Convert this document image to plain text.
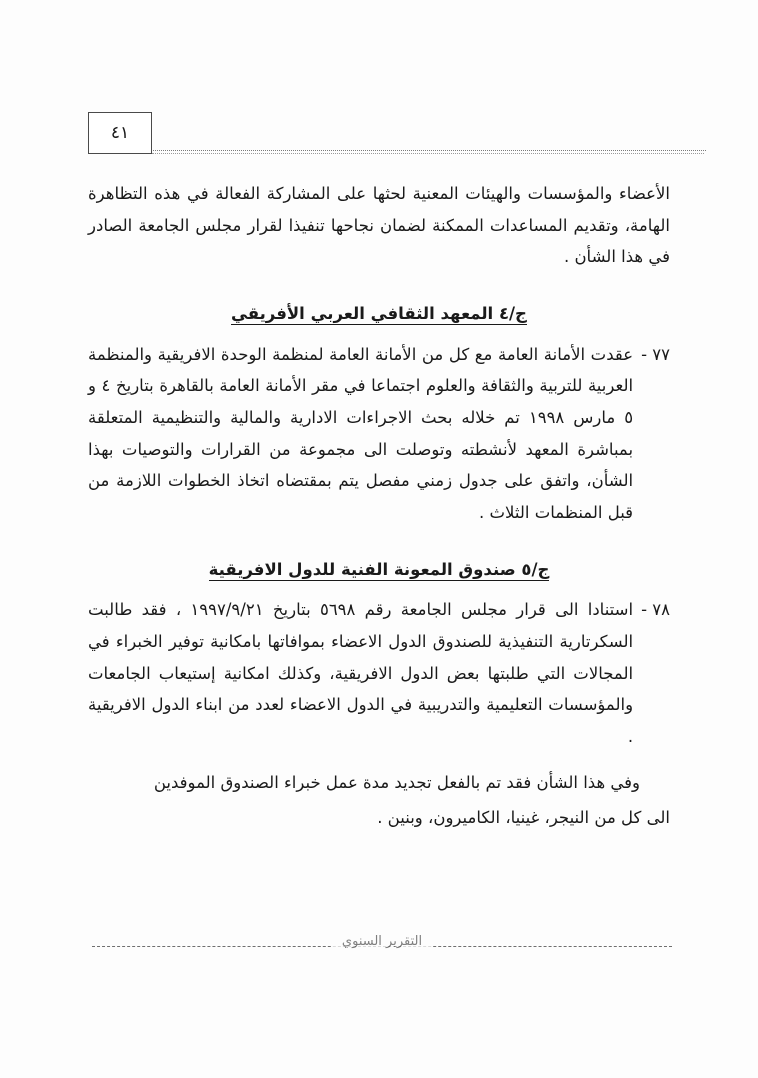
٤١

الأعضاء والمؤسسات والهيئات المعنية لحثها على المشاركة الفعالة في هذه التظاهرة الهامة، وتقديم المساعدات الممكنة لضمان نجاحها تنفيذا لقرار مجلس الجامعة الصادر في هذا الشأن .

ج/٤ المعهد الثقافي العربي الأفريقي
٧٧ -
عقدت الأمانة العامة مع كل من الأمانة العامة لمنظمة الوحدة الافريقية والمنظمة العربية للتربية والثقافة والعلوم اجتماعا في مقر الأمانة العامة بالقاهرة بتاريخ ٤ و ٥ مارس ١٩٩٨ تم خلاله بحث الاجراءات الادارية والمالية والتنظيمية المتعلقة بمباشرة المعهد لأنشطته وتوصلت الى مجموعة من القرارات والتوصيات بهذا الشأن، واتفق على جدول زمني مفصل يتم بمقتضاه اتخاذ الخطوات اللازمة من قبل المنظمات الثلاث .
ج/٥ صندوق المعونة الفنية للدول الافريقية
٧٨ -
استنادا الى قرار مجلس الجامعة رقم ٥٦٩٨ بتاريخ ١٩٩٧/٩/٢١ ، فقد طالبت السكرتارية التنفيذية للصندوق الدول الاعضاء بموافاتها بامكانية توفير الخبراء في المجالات التي طلبتها بعض الدول الافريقية، وكذلك امكانية إستيعاب الجامعات والمؤسسات التعليمية والتدريبية في الدول الاعضاء لعدد من ابناء الدول الافريقية .

وفي هذا الشأن فقد تم بالفعل تجديد مدة عمل خبراء الصندوق الموفدين

الى كل من النيجر، غينيا، الكاميرون، وبنين .

التقرير السنوي
